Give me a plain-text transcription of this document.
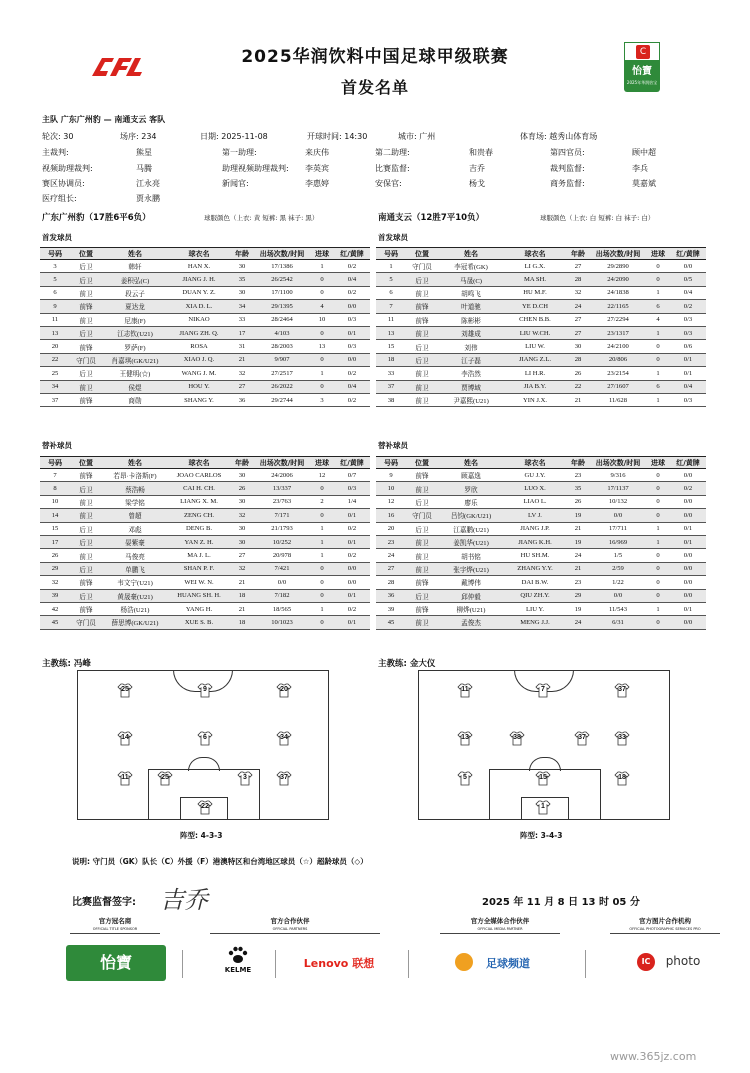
2025华润饮料中国足球甲级联赛
首发名单
C
怡寶
2025年华润怡宝
主队 广东广州豹 — 南通支云 客队
轮次: 30	场序: 234	日期: 2025-11-08	开球时间: 14:30	城市: 广州	体育场: 越秀山体育场
主裁判:	熊星	第一助理:	来庆伟	第二助理:	和贵春	第四官员:	顾中超
视频助理裁判:	马腾	助理视频助理裁判: 李英宾	比赛监督:	吉乔	裁判监督:	李兵
赛区协调员:	江永亮	新闻官:	李惠婷	安保官:	杨戈	商务监督:	莫嘉斌
医疗组长:	贾永鹏
广东广州豹（17胜6平6负）	球服颜色（上衣: 黄 短裤: 黑 袜子: 黑）	南通支云（12胜7平10负）	球服颜色（上衣: 白 短裤: 白 袜子: 白）
首发球员	首发球员
号码	位置	姓名	球衣名	年龄	出场次数/时间	进球	红/黄牌
3	后卫	韩轩	HAN X.	30	17/1386	1	0/2
5	后卫	姜积弘(C)	JIANG J. H.	35	26/2542	0	0/4
6	前卫	段云子	DUAN Y. Z.	30	17/1100	0	0/2
9	前锋	夏达龙	XIA D. L.	34	29/1395	4	0/0
11	前卫	尼康(F)	NIKAO	33	28/2464	10	0/3
13	后卫	江志钦(U21)	JIANG ZH. Q.	17	4/103	0	0/1
20	前锋	罗萨(F)	ROSA	31	28/2003	13	0/3
22	守门员	肖嘉琪(GK/U21)	XIAO J. Q.	21	9/907	0	0/0
25	后卫	王健明(☆)	WANG J. M.	32	27/2517	1	0/2
34	前卫	侯煜	HOU Y.	27	26/2022	0	0/4
37	前锋	商勋	SHANG Y.	36	29/2744	3	0/2
号码	位置	姓名	球衣名	年龄	出场次数/时间	进球	红/黄牌
1	守门员	李冠希(GK)	LI G.X.	27	29/2890	0	0/0
5	后卫	马晟(C)	MA SH.	28	24/2090	0	0/5
6	前卫	胡鸣飞	HU M.F.	32	24/1838	1	0/4
7	前锋	叶道驰	YE D.CH	24	22/1165	6	0/2
11	前锋	陈彬彬	CHEN B.B.	27	27/2294	4	0/3
13	前卫	刘雄成	LIU W.CH.	27	23/1317	1	0/3
15	后卫	刘伟	LIU W.	30	24/2100	0	0/6
18	后卫	江子磊	JIANG Z.L.	28	20/806	0	0/1
33	前卫	李浩然	LI H.R.	26	23/2154	1	0/1
37	前卫	贾博域	JIA B.Y.	22	27/1607	6	0/4
38	前卫	尹嘉熙(U21)	YIN J.X.	21	11/628	1	0/3
替补球员	替补球员
号码	位置	姓名	球衣名	年龄	出场次数/时间	进球	红/黄牌
7	前锋	若昂·卡洛斯(F)	JOAO CARLOS	30	24/2006	12	0/7
8	后卫	蔡浩畅	CAI H. CH.	26	13/337	0	0/3
10	前卫	梁学铭	LIANG X. M.	30	23/763	2	1/4
14	前卫	曾超	ZENG CH.	32	7/171	0	0/1
15	后卫	邓彪	DENG B.	30	21/1793	1	0/2
17	后卫	晏紫豪	YAN Z. H.	30	10/252	1	0/1
26	前卫	马俊亮	MA J. L.	27	20/978	1	0/2
29	后卫	单鹏飞	SHAN P. F.	32	7/421	0	0/0
32	前锋	韦文宁(U21)	WEI W. N.	21	0/0	0	0/0
39	后卫	黄晟豪(U21)	HUANG SH. H.	18	7/182	0	0/1
42	前锋	杨浩(U21)	YANG H.	21	18/565	1	0/2
45	守门员	薛思博(GK/U21)	XUE S. B.	18	10/1023	0	0/1
号码	位置	姓名	球衣名	年龄	出场次数/时间	进球	红/黄牌
9	前锋	顾嘉逸	GU J.Y.	23	9/316	0	0/0
10	前卫	罗欣	LUO X.	35	17/1137	0	0/2
12	后卫	廖乐	LIAO L.	26	10/132	0	0/0
16	守门员	吕钧(GK/U21)	LV J.	19	0/0	0	0/0
20	后卫	江嘉鹏(U21)	JIANG J.P.	21	17/711	1	0/1
23	前卫	姜凯华(U21)	JIANG K.H.	19	16/969	1	0/1
24	前卫	胡书铭	HU SH.M.	24	1/5	0	0/0
27	前卫	张宇烨(U21)	ZHANG Y.Y.	21	2/59	0	0/0
28	前锋	戴博伟	DAI B.W.	23	1/22	0	0/0
36	后卫	邱仲毅	QIU ZH.Y.	29	0/0	0	0/0
39	前锋	柳烨(U21)	LIU Y.	19	11/543	1	0/1
45	前卫	孟俊杰	MENG J.J.	24	6/31	0	0/0
主教练: 冯峰	主教练: 金大仪
9
25	20
14	6	34
11	25	3	37
22
11	7	37
13	38	37	33
5	15	18
1
阵型: 4-3-3	阵型: 3-4-3
说明: 守门员（GK）队长（C）外援（F）港澳特区和台湾地区球员（☆）超龄球员（◇）
比赛监督签字: 吉乔	2025 年 11 月 8 日 13 时 05 分
官方冠名商
OFFICIAL TITLE SPONSOR
官方合作伙伴
OFFICIAL PARTNERS
官方全媒体合作伙伴
OFFICIAL MEDIA PARTNER
官方图片合作机构
OFFICIAL PHOTOGRAPHIC SERVICES PRO
怡寶	KELME	Lenovo 联想	足球频道	IC	photo
www.365jz.com
